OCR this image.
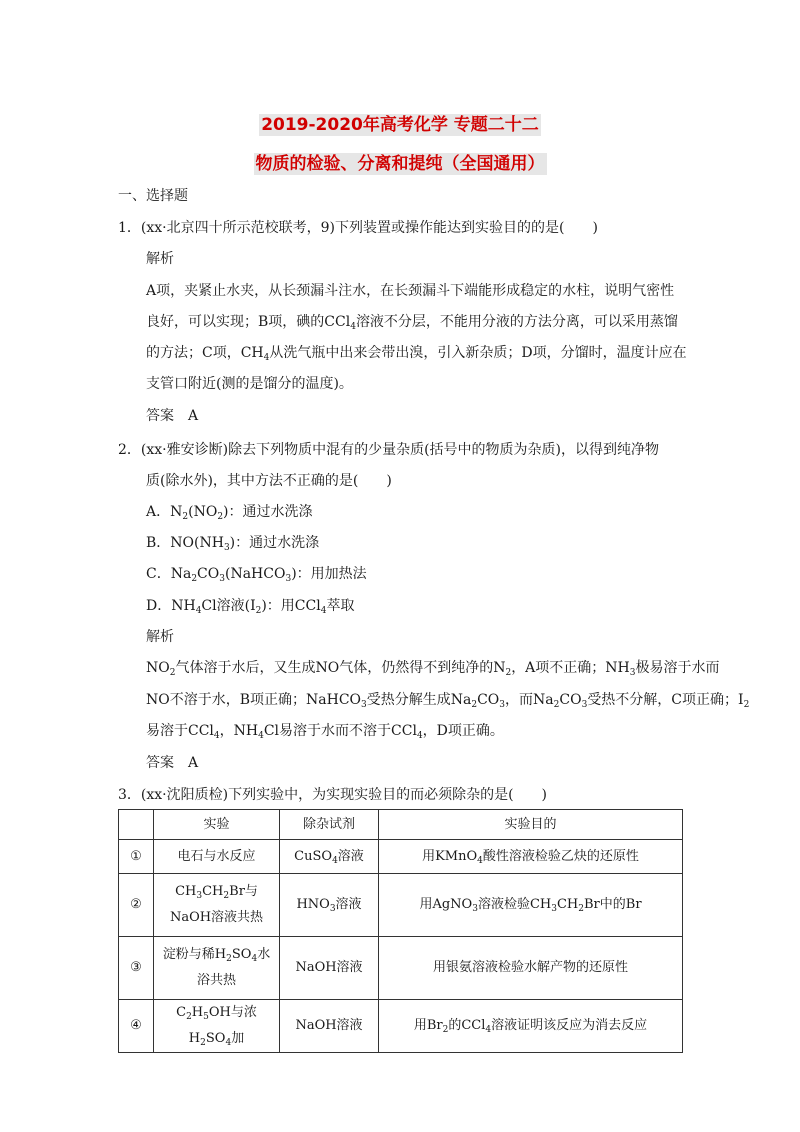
2019-2020年高考化学 专题二十二
物质的检验、分离和提纯（全国通用）
一、选择题
1．(xx·北京四十所示范校联考，9)下列装置或操作能达到实验目的的是(　　)
解析
A项，夹紧止水夹，从长颈漏斗注水，在长颈漏斗下端能形成稳定的水柱，说明气密性
良好，可以实现；B项，碘的CCl$_4$溶液不分层，不能用分液的方法分离，可以采用蒸馏
的方法；C项，$CH_4$从洗气瓶中出来会带出溴，引入新杂质；D项，分馏时，温度计应在
支管口附近(测的是馏分的温度)。
答案　A
2．(xx·雅安诊断)除去下列物质中混有的少量杂质(括号中的物质为杂质)，以得到纯净物
质(除水外)，其中方法不正确的是(　　)
A．$N_2(NO_2)$：通过水洗涤
B．$NO(NH_3)$：通过水洗涤
C．$Na_2CO_3(NaHCO_3)$：用加热法
D．$NH_4Cl$溶液$(I_2)$：用CCl$_4$萃取
解析
$NO_2$气体溶于水后，又生成NO气体，仍然得不到纯净的$N_2$，A项不正确；$NH_3$极易溶于水而
NO不溶于水，B项正确；NaHCO$_3$受热分解生成$Na_2CO_3$，而$Na_2CO_3$受热不分解，C项正确；$I_2$
易溶于CCl$_4$，$NH_4Cl$易溶于水而不溶于CCl$_4$，D项正确。
答案　A
3．(xx·沈阳质检)下列实验中，为实现实验目的而必须除杂的是(　　)
	实验	除杂试剂	实验目的
①	电石与水反应	CuSO$_4$溶液	用KMnO$_4$酸性溶液检验乙炔的还原性
②	$CH_3CH_2Br$与NaOH溶液共热	$HNO_3$溶液	用AgNO$_3$溶液检验$CH_3CH_2Br$中的Br
③	淀粉与稀$H_2SO_4$水浴共热	NaOH溶液	用银氨溶液检验水解产物的还原性
④	$C_2H_5OH$与浓$H_2SO_4$加	NaOH溶液	用$Br_2$的CCl$_4$溶液证明该反应为消去反应
